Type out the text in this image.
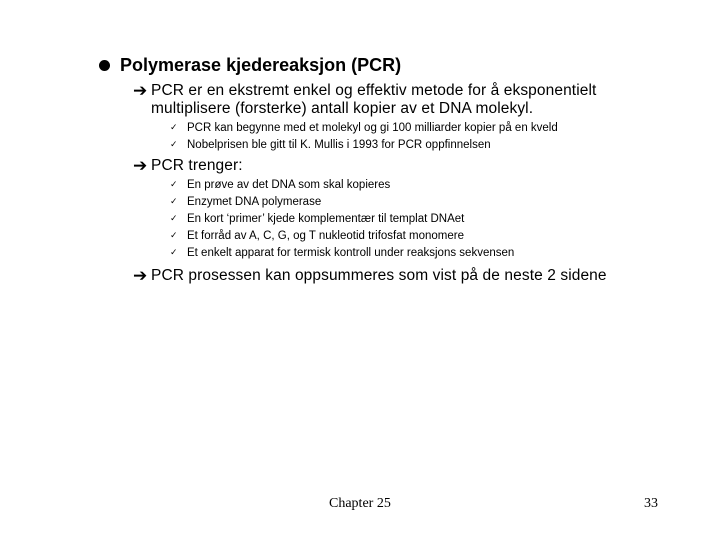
Polymerase kjedereaksjon (PCR)
➔ PCR er en ekstremt enkel og effektiv metode for å eksponentielt
multiplisere (forsterke) antall kopier av et DNA molekyl.
✓ PCR kan begynne med et molekyl og gi 100 milliarder kopier på en kveld
✓ Nobelprisen ble gitt til K. Mullis i 1993 for PCR oppfinnelsen
➔ PCR trenger:
✓ En prøve av det DNA som skal kopieres
✓ Enzymet DNA polymerase
✓ En kort ‘primer’ kjede komplementær til templat DNAet
✓ Et forråd av A, C, G, og T nukleotid trifosfat monomere
✓ Et enkelt apparat for termisk kontroll under reaksjons sekvensen
➔ PCR prosessen kan oppsummeres som vist på de neste 2 sidene
Chapter 25	33
